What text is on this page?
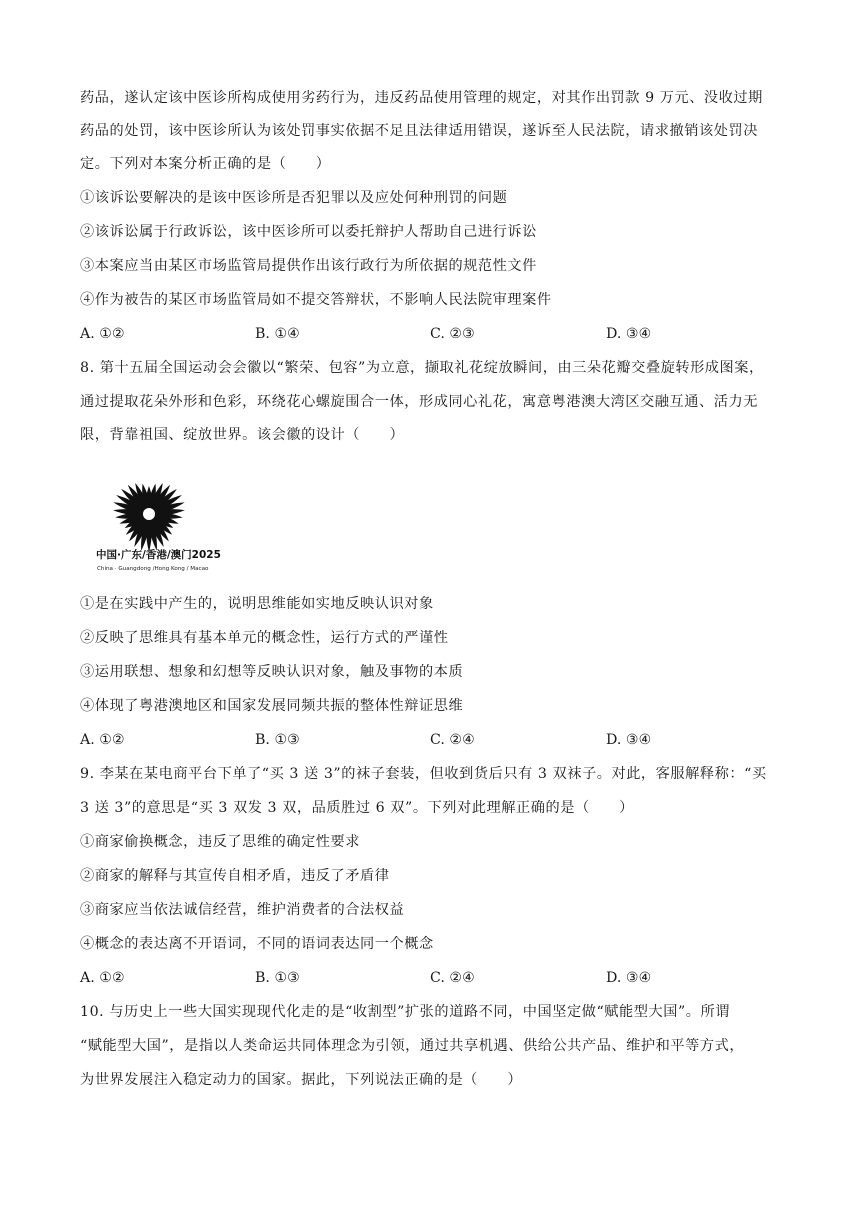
药品，遂认定该中医诊所构成使用劣药行为，违反药品使用管理的规定，对其作出罚款 9 万元、没收过期
药品的处罚，该中医诊所认为该处罚事实依据不足且法律适用错误，遂诉至人民法院，请求撤销该处罚决
定。下列对本案分析正确的是（　　）
①该诉讼要解决的是该中医诊所是否犯罪以及应处何种刑罚的问题
②该诉讼属于行政诉讼，该中医诊所可以委托辩护人帮助自己进行诉讼
③本案应当由某区市场监管局提供作出该行政行为所依据的规范性文件
④作为被告的某区市场监管局如不提交答辩状，不影响人民法院审理案件
A. ①②	B. ①④	C. ②③	D. ③④
8. 第十五届全国运动会会徽以“繁荣、包容”为立意，撷取礼花绽放瞬间，由三朵花瓣交叠旋转形成图案，
通过提取花朵外形和色彩，环绕花心螺旋围合一体，形成同心礼花，寓意粤港澳大湾区交融互通、活力无
限，背靠祖国、绽放世界。该会徽的设计（　　）
中国·广东/香港/澳门2025
China · Guangdong /Hong Kong / Macao
①是在实践中产生的，说明思维能如实地反映认识对象
②反映了思维具有基本单元的概念性，运行方式的严谨性
③运用联想、想象和幻想等反映认识对象，触及事物的本质
④体现了粤港澳地区和国家发展同频共振的整体性辩证思维
A. ①②	B. ①③	C. ②④	D. ③④
9. 李某在某电商平台下单了“买 3 送 3”的袜子套装，但收到货后只有 3 双袜子。对此，客服解释称：“买
3 送 3”的意思是“买 3 双发 3 双，品质胜过 6 双”。下列对此理解正确的是（　　）
①商家偷换概念，违反了思维的确定性要求
②商家的解释与其宣传自相矛盾，违反了矛盾律
③商家应当依法诚信经营，维护消费者的合法权益
④概念的表达离不开语词，不同的语词表达同一个概念
A. ①②	B. ①③	C. ②④	D. ③④
10. 与历史上一些大国实现现代化走的是“收割型”扩张的道路不同，中国坚定做“赋能型大国”。所谓
“赋能型大国”，是指以人类命运共同体理念为引领，通过共享机遇、供给公共产品、维护和平等方式，
为世界发展注入稳定动力的国家。据此，下列说法正确的是（　　）
